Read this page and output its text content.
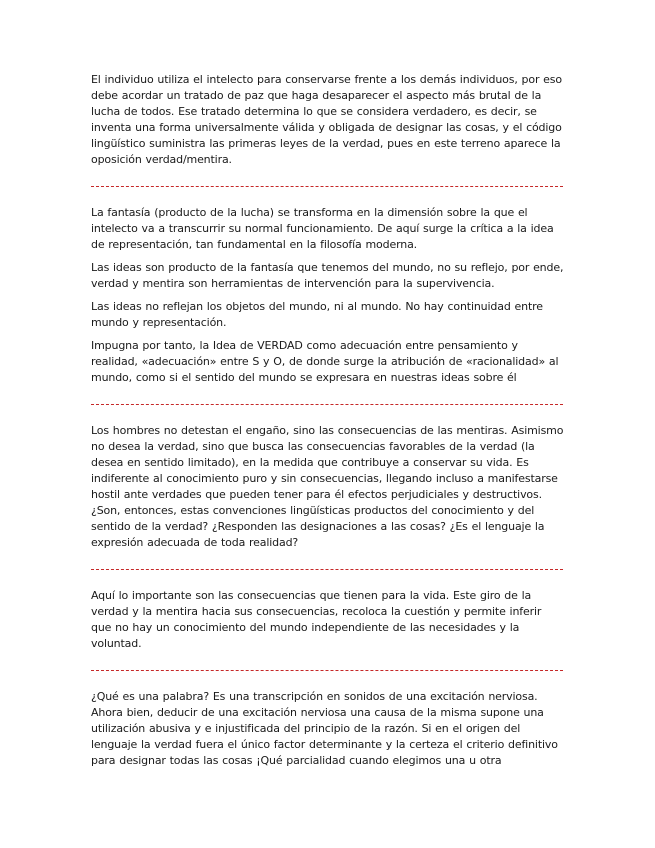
El individuo utiliza el intelecto para conservarse frente a los demás individuos, por eso debe acordar un tratado de paz que haga desaparecer el aspecto más brutal de la lucha de todos. Ese tratado determina lo que se considera verdadero, es decir, se inventa una forma universalmente válida y obligada de designar las cosas, y el código lingüístico suministra las primeras leyes de la verdad, pues en este terreno aparece la oposición verdad/mentira.

La fantasía (producto de la lucha) se transforma en la dimensión sobre la que el intelecto va a transcurrir su normal funcionamiento. De aquí surge la crítica a la idea de representación, tan fundamental en la filosofía moderna.

Las ideas son producto de la fantasía que tenemos del mundo, no su reflejo, por ende, verdad y mentira son herramientas de intervención para la supervivencia.

Las ideas no reflejan los objetos del mundo, ni al mundo. No hay continuidad entre mundo y representación.

Impugna por tanto, la Idea de VERDAD como adecuación entre pensamiento y realidad, «adecuación» entre S y O, de donde surge la atribución de «racionalidad» al mundo, como si el sentido del mundo se expresara en nuestras ideas sobre él

Los hombres no detestan el engaño, sino las consecuencias de las mentiras. Asimismo no desea la verdad, sino que busca las consecuencias favorables de la verdad (la desea en sentido limitado), en la medida que contribuye a conservar su vida. Es indiferente al conocimiento puro y sin consecuencias, llegando incluso a manifestarse hostil ante verdades que pueden tener para él efectos perjudiciales y destructivos. ¿Son, entonces, estas convenciones lingüísticas productos del conocimiento y del sentido de la verdad? ¿Responden las designaciones a las cosas? ¿Es el lenguaje la expresión adecuada de toda realidad?

Aquí lo importante son las consecuencias que tienen para la vida. Este giro de la verdad y la mentira hacia sus consecuencias, recoloca la cuestión y permite inferir que no hay un conocimiento del mundo independiente de las necesidades y la voluntad.

¿Qué es una palabra? Es una transcripción en sonidos de una excitación nerviosa. Ahora bien, deducir de una excitación nerviosa una causa de la misma supone una utilización abusiva y e injustificada del principio de la razón. Si en el origen del lenguaje la verdad fuera el único factor determinante y la certeza el criterio definitivo para designar todas las cosas ¡Qué parcialidad cuando elegimos una u otra
